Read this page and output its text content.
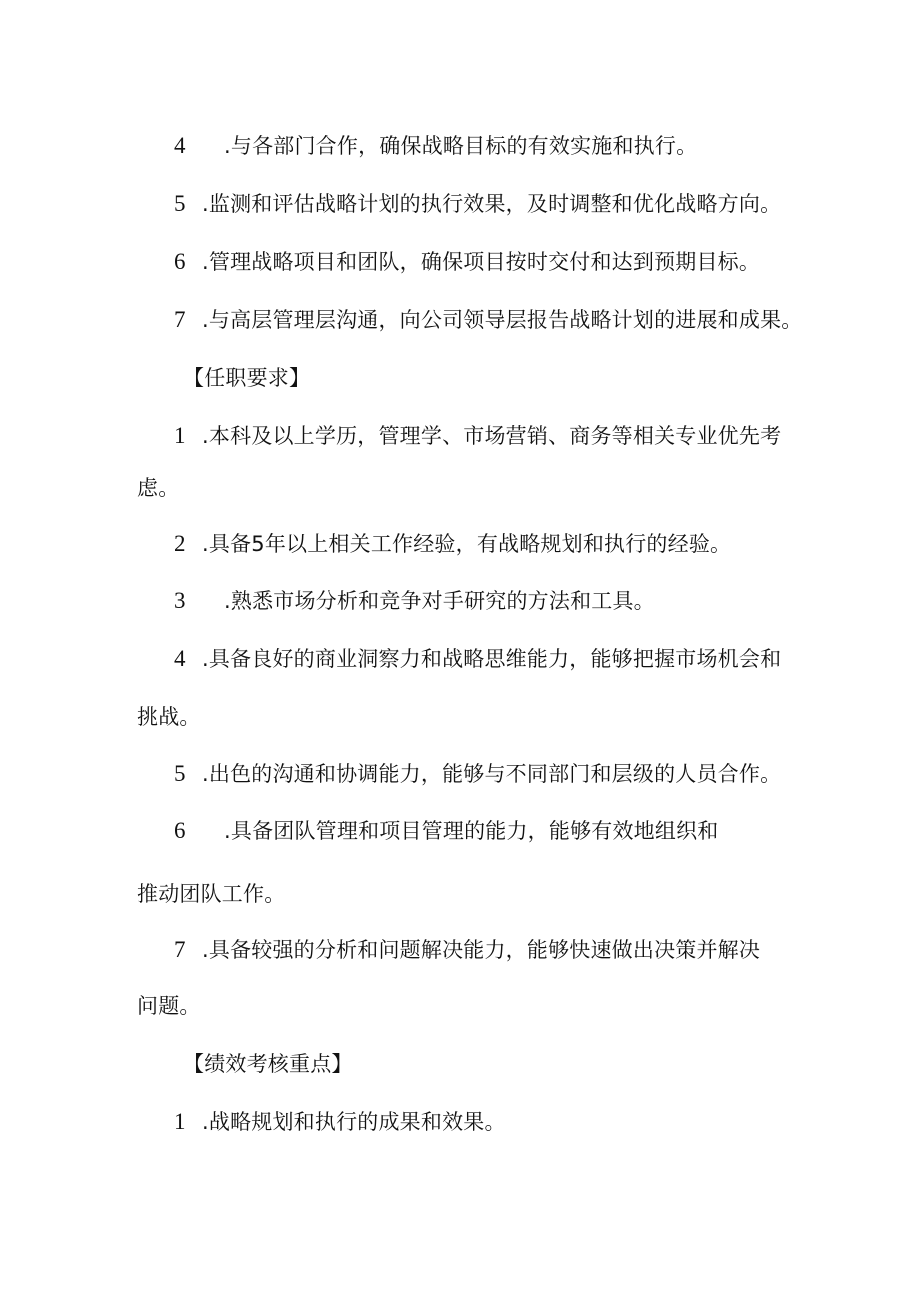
4 .与各部门合作，确保战略目标的有效实施和执行。
5 .监测和评估战略计划的执行效果，及时调整和优化战略方向。
6 .管理战略项目和团队，确保项目按时交付和达到预期目标。
7 .与高层管理层沟通，向公司领导层报告战略计划的进展和成果。
【任职要求】
1 .本科及以上学历，管理学、市场营销、商务等相关专业优先考
虑。
2 .具备5年以上相关工作经验，有战略规划和执行的经验。
3 .熟悉市场分析和竞争对手研究的方法和工具。
4 .具备良好的商业洞察力和战略思维能力，能够把握市场机会和
挑战。
5 .出色的沟通和协调能力，能够与不同部门和层级的人员合作。
6 .具备团队管理和项目管理的能力，能够有效地组织和
推动团队工作。
7 .具备较强的分析和问题解决能力，能够快速做出决策并解决
问题。
【绩效考核重点】
1 .战略规划和执行的成果和效果。
